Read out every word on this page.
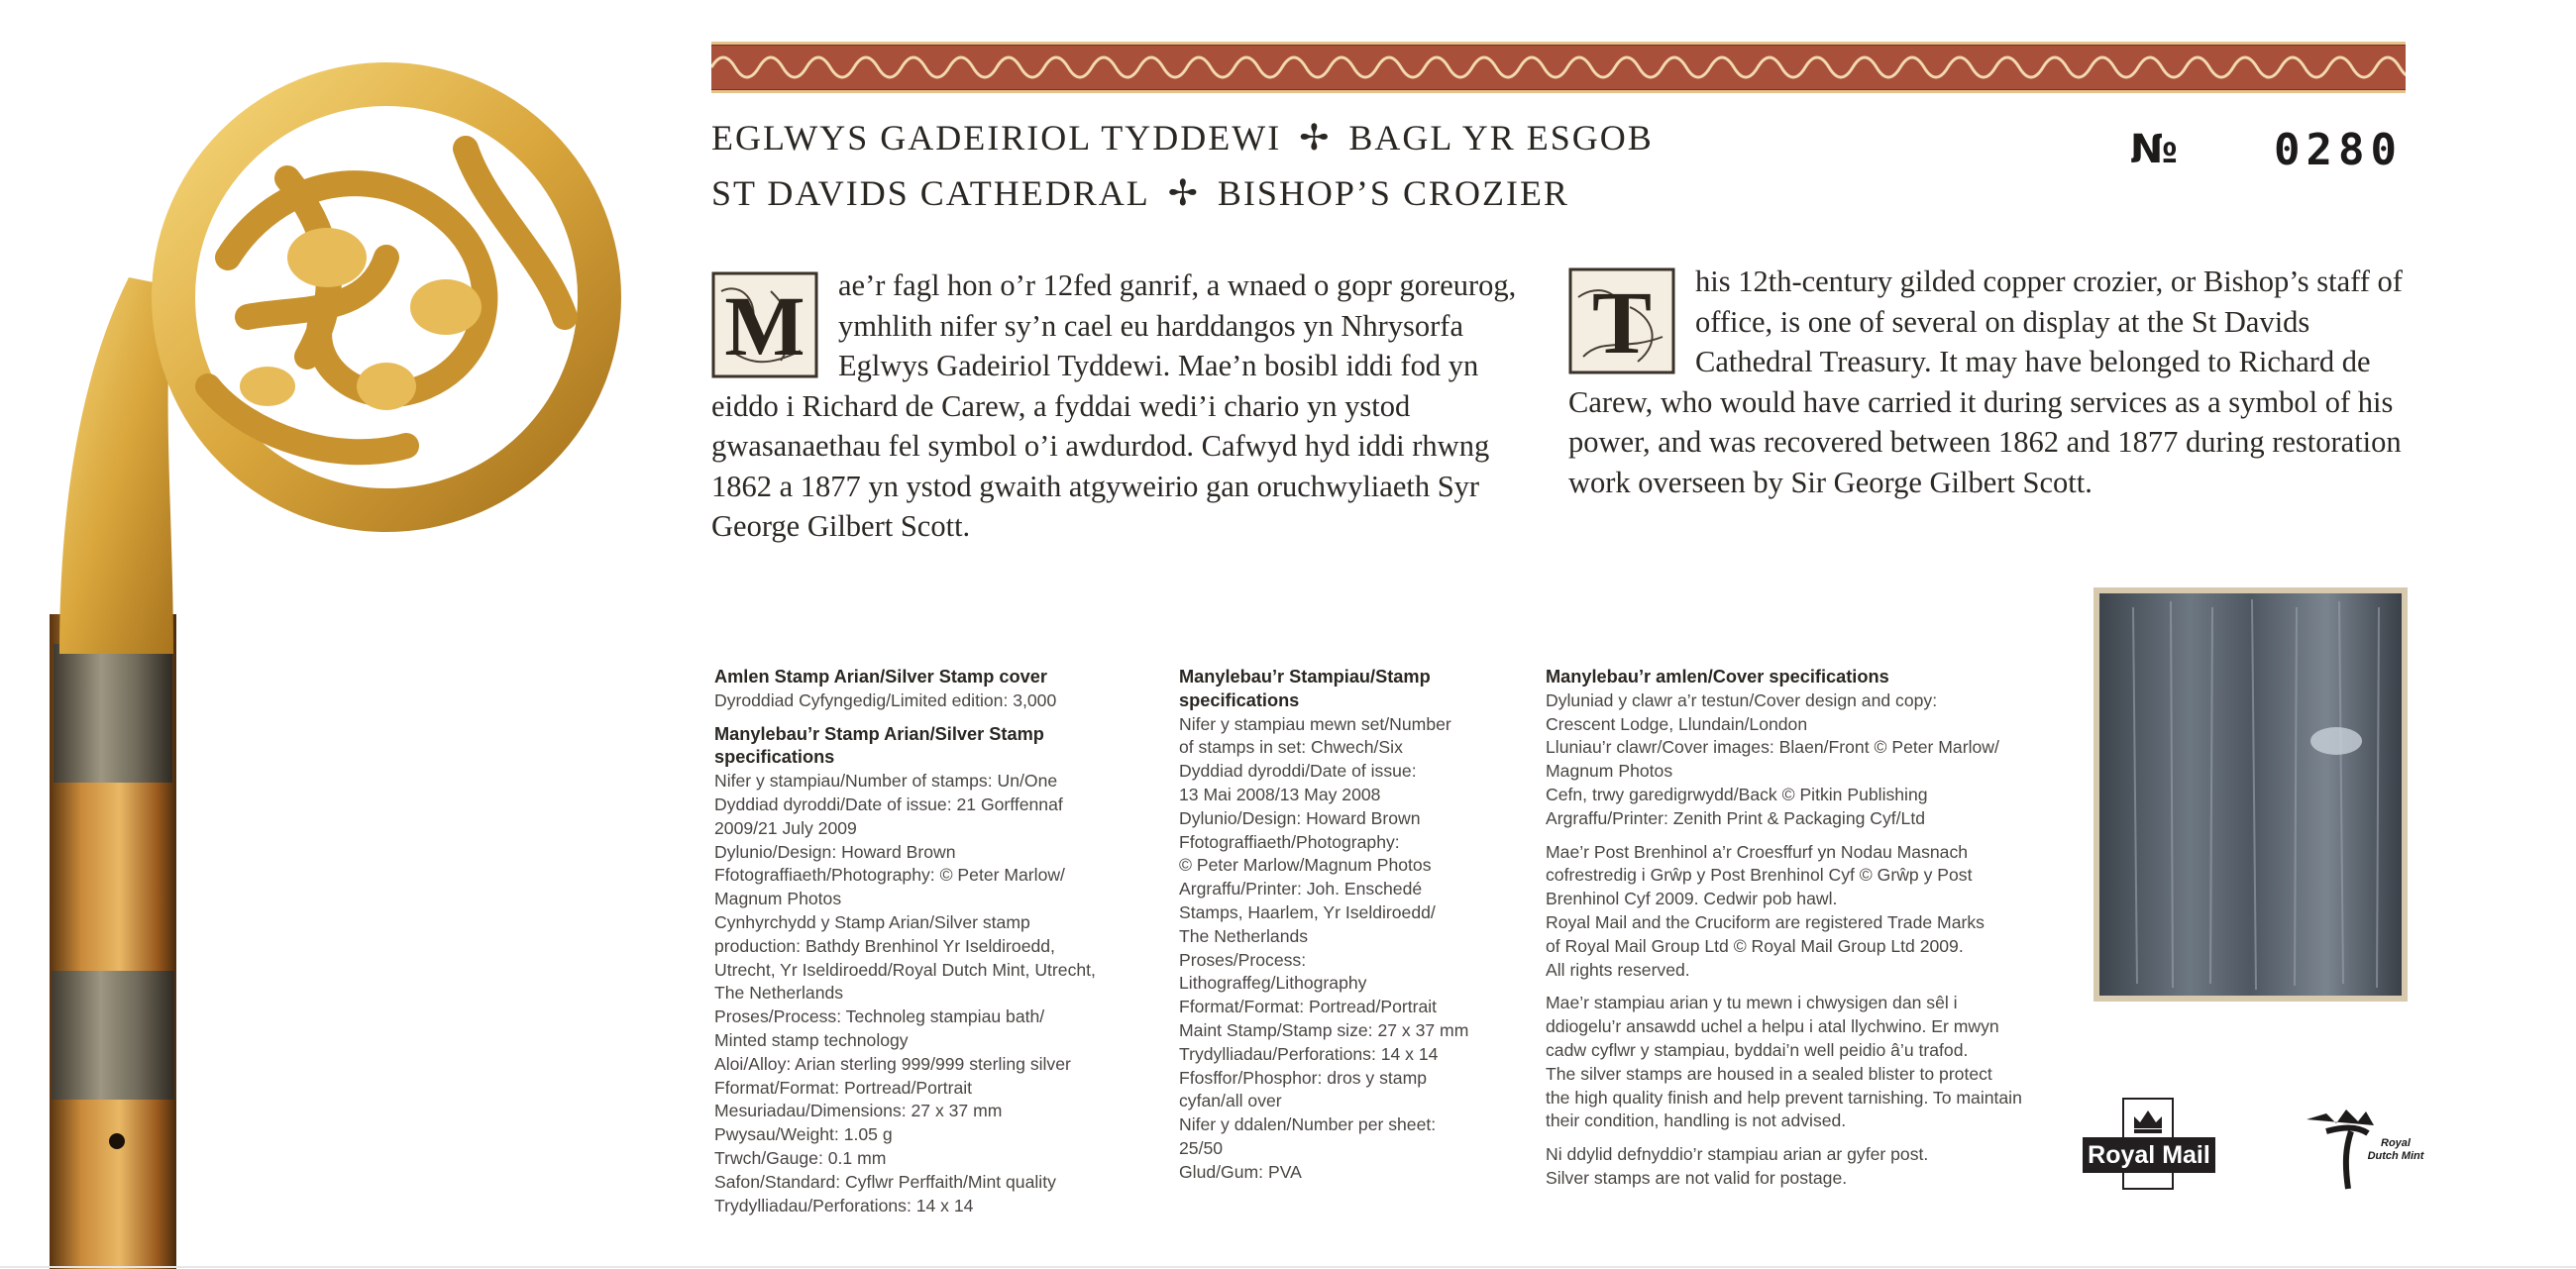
EGLWYS GADEIRIOL TYDDEWI ✢ BAGL YR ESGOB
ST DAVIDS CATHEDRAL ✢ BISHOP’S CROZIER
№ 0280
M ae’r fagl hon o’r 12fed ganrif, a wnaed o gopr goreurog, ymhlith nifer sy’n cael eu harddangos yn Nhrysorfa Eglwys Gadeiriol Tyddewi. Mae’n bosibl iddi fod yn eiddo i Richard de Carew, a fyddai wedi’i chario yn ystod gwasanaethau fel symbol o’i awdurdod. Cafwyd hyd iddi rhwng 1862 a 1877 yn ystod gwaith atgyweirio gan oruchwyliaeth Syr George Gilbert Scott.
T his 12th-century gilded copper crozier, or Bishop’s staff of office, is one of several on display at the St Davids Cathedral Treasury. It may have belonged to Richard de Carew, who would have carried it during services as a symbol of his power, and was recovered between 1862 and 1877 during restoration work overseen by Sir George Gilbert Scott.
Amlen Stamp Arian/Silver Stamp cover
Dyroddiad Cyfyngedig/Limited edition: 3,000
Manylebau’r Stamp Arian/Silver Stamp
specifications
Nifer y stampiau/Number of stamps: Un/One
Dyddiad dyroddi/Date of issue: 21 Gorffennaf
2009/21 July 2009
Dylunio/Design: Howard Brown
Ffotograffiaeth/Photography: © Peter Marlow/
Magnum Photos
Cynhyrchydd y Stamp Arian/Silver stamp
production: Bathdy Brenhinol Yr Iseldiroedd,
Utrecht, Yr Iseldiroedd/Royal Dutch Mint, Utrecht,
The Netherlands
Proses/Process: Technoleg stampiau bath/
Minted stamp technology
Aloi/Alloy: Arian sterling 999/999 sterling silver
Fformat/Format: Portread/Portrait
Mesuriadau/Dimensions: 27 x 37 mm
Pwysau/Weight: 1.05 g
Trwch/Gauge: 0.1 mm
Safon/Standard: Cyflwr Perffaith/Mint quality
Trydylliadau/Perforations: 14 x 14
Manylebau’r Stampiau/Stamp
specifications
Nifer y stampiau mewn set/Number
of stamps in set: Chwech/Six
Dyddiad dyroddi/Date of issue:
13 Mai 2008/13 May 2008
Dylunio/Design: Howard Brown
Ffotograffiaeth/Photography:
© Peter Marlow/Magnum Photos
Argraffu/Printer: Joh. Enschedé
Stamps, Haarlem, Yr Iseldiroedd/
The Netherlands
Proses/Process:
Lithograffeg/Lithography
Fformat/Format: Portread/Portrait
Maint Stamp/Stamp size: 27 x 37 mm
Trydylliadau/Perforations: 14 x 14
Ffosffor/Phosphor: dros y stamp
cyfan/all over
Nifer y ddalen/Number per sheet:
25/50
Glud/Gum: PVA
Manylebau’r amlen/Cover specifications
Dyluniad y clawr a’r testun/Cover design and copy:
Crescent Lodge, Llundain/London
Lluniau’r clawr/Cover images: Blaen/Front © Peter Marlow/
Magnum Photos
Cefn, trwy garedigrwydd/Back © Pitkin Publishing
Argraffu/Printer: Zenith Print & Packaging Cyf/Ltd
Mae’r Post Brenhinol a’r Croesffurf yn Nodau Masnach
cofrestredig i Grŵp y Post Brenhinol Cyf © Grŵp y Post
Brenhinol Cyf 2009. Cedwir pob hawl.
Royal Mail and the Cruciform are registered Trade Marks
of Royal Mail Group Ltd © Royal Mail Group Ltd 2009.
All rights reserved.
Mae’r stampiau arian y tu mewn i chwysigen dan sêl i
ddiogelu’r ansawdd uchel a helpu i atal llychwino. Er mwyn
cadw cyflwr y stampiau, byddai’n well peidio â’u trafod.
The silver stamps are housed in a sealed blister to protect
the high quality finish and help prevent tarnishing. To maintain
their condition, handling is not advised.
Ni ddylid defnyddio’r stampiau arian ar gyfer post.
Silver stamps are not valid for postage.
Royal Mail	Royal Dutch Mint
